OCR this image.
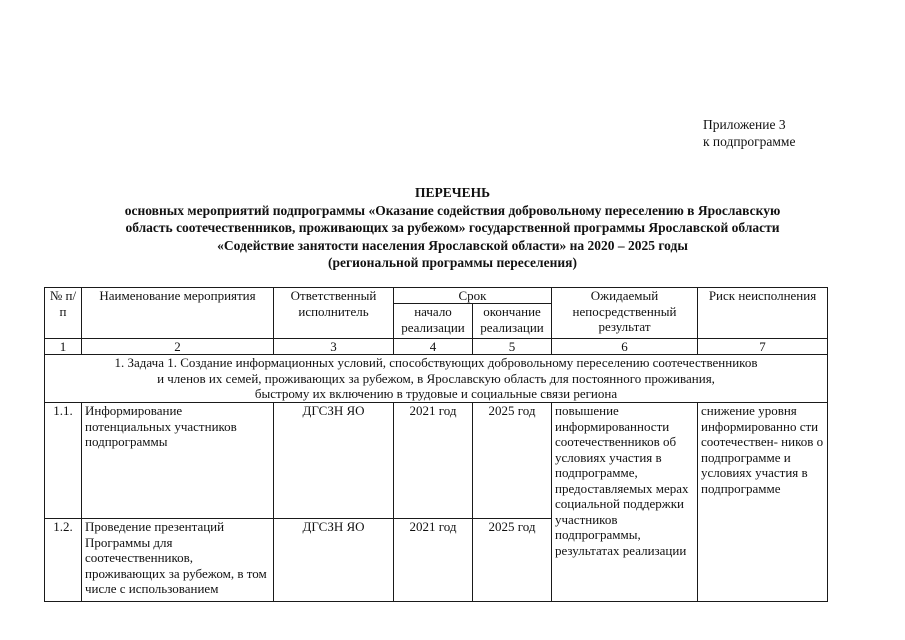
Приложение 3
к подпрограмме
ПЕРЕЧЕНЬ
основных мероприятий подпрограммы «Оказание содействия добровольному переселению в Ярославскую
область соотечественников, проживающих за рубежом» государственной программы Ярославской области
«Содействие занятости населения Ярославской области» на 2020 – 2025 годы
(региональной программы переселения)
№ п/п	Наименование мероприятия	Ответственный исполнитель	Срок		Ожидаемый непосредственный результат	Риск неисполнения
			начало реализации	окончание реализации		
1	2	3	4	5	6	7

1. Задача 1. Создание информационных условий, способствующих добровольному переселению соотечественников
и членов их семей, проживающих за рубежом, в Ярославскую область для постоянного проживания,
быстрому их включению в трудовые и социальные связи региона						

1.1.	Информирование потенциальных участников подпрограммы	ДГСЗН ЯО	2021 год	2025 год	повышение информированности соотечественников об условиях участия в подпрограмме, предоставляемых мерах социальной поддержки участников подпрограммы, результатах реализации	снижение уровня информированно сти соотечествен- ников о подпрограмме и условиях участия в подпрограмме
1.2.	Проведение презентаций Программы для соотечественников, проживающих за рубежом, в том числе с использованием	ДГСЗН ЯО	2021 год	2025 год		
